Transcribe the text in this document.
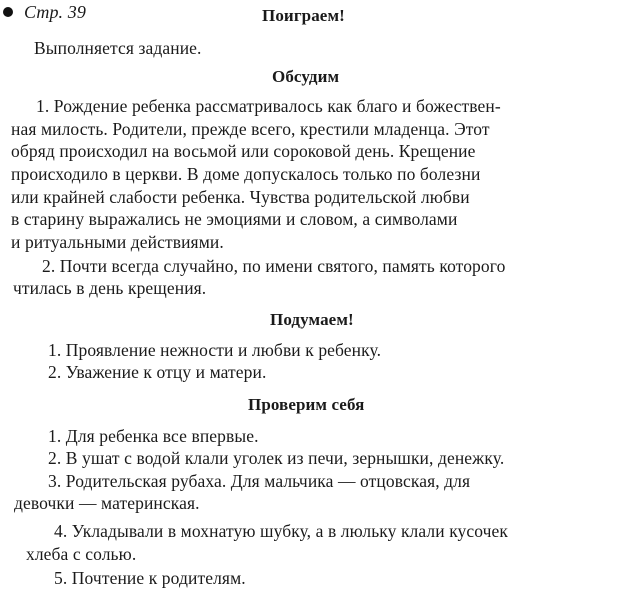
Стр. 39	Поиграем!
Выполняется задание.
Обсудим
1. Рождение ребенка рассматривалось как благо и божествен-
ная милость. Родители, прежде всего, крестили младенца. Этот
обряд происходил на восьмой или сороковой день. Крещение
происходило в церкви. В доме допускалось только по болезни
или крайней слабости ребенка. Чувства родительской любви
в старину выражались не эмоциями и словом, а символами
и ритуальными действиями.
2. Почти всегда случайно, по имени святого, память которого
чтилась в день крещения.
Подумаем!
1. Проявление нежности и любви к ребенку.
2. Уважение к отцу и матери.
Проверим себя
1. Для ребенка все впервые.
2. В ушат с водой клали уголек из печи, зернышки, денежку.
3. Родительская рубаха. Для мальчика — отцовская, для
девочки — материнская.
4. Укладывали в мохнатую шубку, а в люльку клали кусочек
хлеба с солью.
5. Почтение к родителям.
